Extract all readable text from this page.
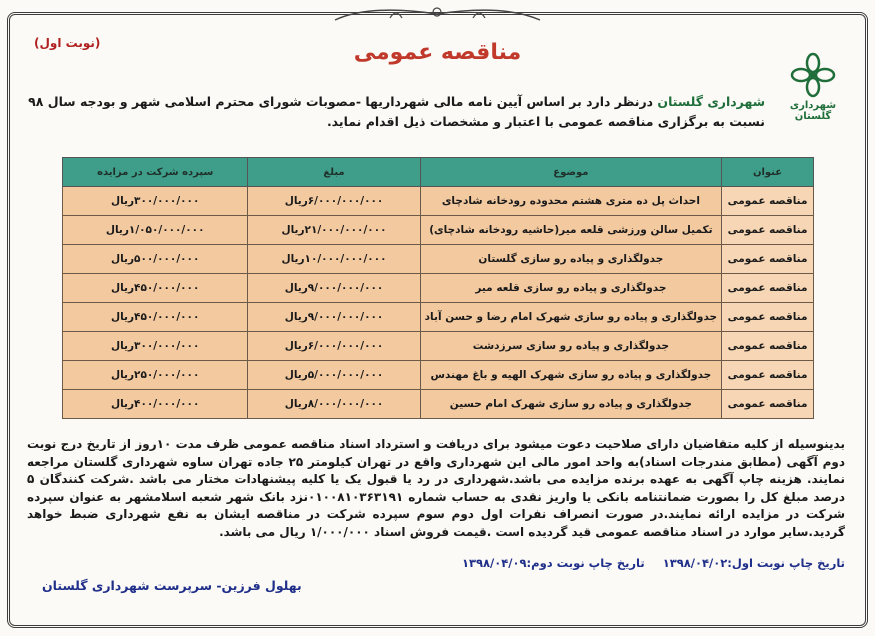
(نوبت اول)	مناقصه عمومی
شهرداری گلستان
شهرداری گلستان درنظر دارد بر اساس آیین نامه مالی شهرداریها -مصوبات شورای محترم اسلامی شهر و بودجه سال ۹۸ نسبت به برگزاری مناقصه عمومی با اعتبار و مشخصات ذیل اقدام نماید.
عنوان	موضوع	مبلغ	سپرده شرکت در مزایده
مناقصه عمومی	احداث پل ده متری هشتم محدوده رودخانه شادچای	۶/۰۰۰/۰۰۰/۰۰۰ریال	۳۰۰/۰۰۰/۰۰۰ریال
مناقصه عمومی	تکمیل سالن ورزشی قلعه میر(حاشیه رودخانه شادچای)	۲۱/۰۰۰/۰۰۰/۰۰۰ریال	۱/۰۵۰/۰۰۰/۰۰۰ریال
مناقصه عمومی	جدولگذاری و پیاده رو سازی گلستان	۱۰/۰۰۰/۰۰۰/۰۰۰ریال	۵۰۰/۰۰۰/۰۰۰ریال
مناقصه عمومی	جدولگذاری و پیاده رو سازی قلعه میر	۹/۰۰۰/۰۰۰/۰۰۰ریال	۴۵۰/۰۰۰/۰۰۰ریال
مناقصه عمومی	جدولگذاری و پیاده رو سازی شهرک امام رضا و حسن آباد	۹/۰۰۰/۰۰۰/۰۰۰ریال	۴۵۰/۰۰۰/۰۰۰ریال
مناقصه عمومی	جدولگذاری و پیاده رو سازی سرزدشت	۶/۰۰۰/۰۰۰/۰۰۰ریال	۳۰۰/۰۰۰/۰۰۰ریال
مناقصه عمومی	جدولگذاری و پیاده رو سازی شهرک الهیه و باغ مهندس	۵/۰۰۰/۰۰۰/۰۰۰ریال	۲۵۰/۰۰۰/۰۰۰ریال
مناقصه عمومی	جدولگذاری و پیاده رو سازی شهرک امام حسین	۸/۰۰۰/۰۰۰/۰۰۰ریال	۴۰۰/۰۰۰/۰۰۰ریال
بدینوسیله از کلیه متقاضیان دارای صلاحیت دعوت میشود برای دریافت و استرداد اسناد مناقصه عمومی ظرف مدت ۱۰روز از تاریخ درج نوبت دوم آگهی (مطابق مندرجات اسناد)به واحد امور مالی این شهرداری واقع در تهران کیلومتر ۲۵ جاده تهران ساوه شهرداری گلستان مراجعه نمایند. هزینه چاپ آگهی به عهده برنده مزایده می باشد.شهرداری در رد یا قبول یک یا کلیه پیشنهادات مختار می باشد .شرکت کنندگان ۵ درصد مبلغ کل را بصورت ضمانتنامه بانکی یا واریز نقدی به حساب شماره ۰۱۰۰۸۱۰۳۶۳۱۹۱نزد بانک شهر شعبه اسلامشهر به عنوان سپرده شرکت در مزایده ارائه نمایند.در صورت انصراف نفرات اول دوم سوم سپرده شرکت در مناقصه ایشان به نفع شهرداری ضبط خواهد گردید.سایر موارد در اسناد مناقصه عمومی قید گردیده است .قیمت فروش اسناد ۱/۰۰۰/۰۰۰ ریال می باشد.
تاریخ چاپ نوبت اول:۱۳۹۸/۰۴/۰۲ تاریخ چاپ نوبت دوم:۱۳۹۸/۰۴/۰۹
بهلول فرزین- سرپرست شهرداری گلستان
